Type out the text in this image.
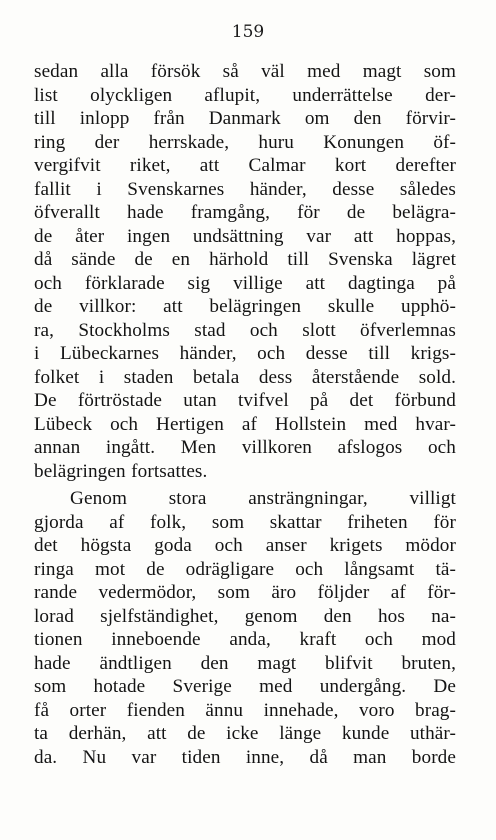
159

sedan alla försök så väl med magt som
list olyckligen aflupit, underrättelse der-
till inlopp från Danmark om den förvir-
ring der herrskade, huru Konungen öf-
vergifvit riket, att Calmar kort derefter
fallit i Svenskarnes händer, desse således
öfverallt hade framgång, för de belägra-
de åter ingen undsättning var att hoppas,
då sände de en härhold till Svenska lägret
och förklarade sig villige att dagtinga på
de villkor: att belägringen skulle upphö-
ra, Stockholms stad och slott öfverlemnas
i Lübeckarnes händer, och desse till krigs-
folket i staden betala dess återstående sold.
De förtröstade utan tvifvel på det förbund
Lübeck och Hertigen af Hollstein med hvar-
annan ingått. Men villkoren afslogos och
belägringen fortsattes.
Genom stora ansträngningar, villigt
gjorda af folk, som skattar friheten för
det högsta goda och anser krigets mödor
ringa mot de odrägligare och långsamt tä-
rande vedermödor, som äro följder af för-
lorad sjelfständighet, genom den hos na-
tionen inneboende anda, kraft och mod
hade ändtligen den magt blifvit bruten,
som hotade Sverige med undergång. De
få orter fienden ännu innehade, voro brag-
ta derhän, att de icke länge kunde uthär-
da. Nu var tiden inne, då man borde
